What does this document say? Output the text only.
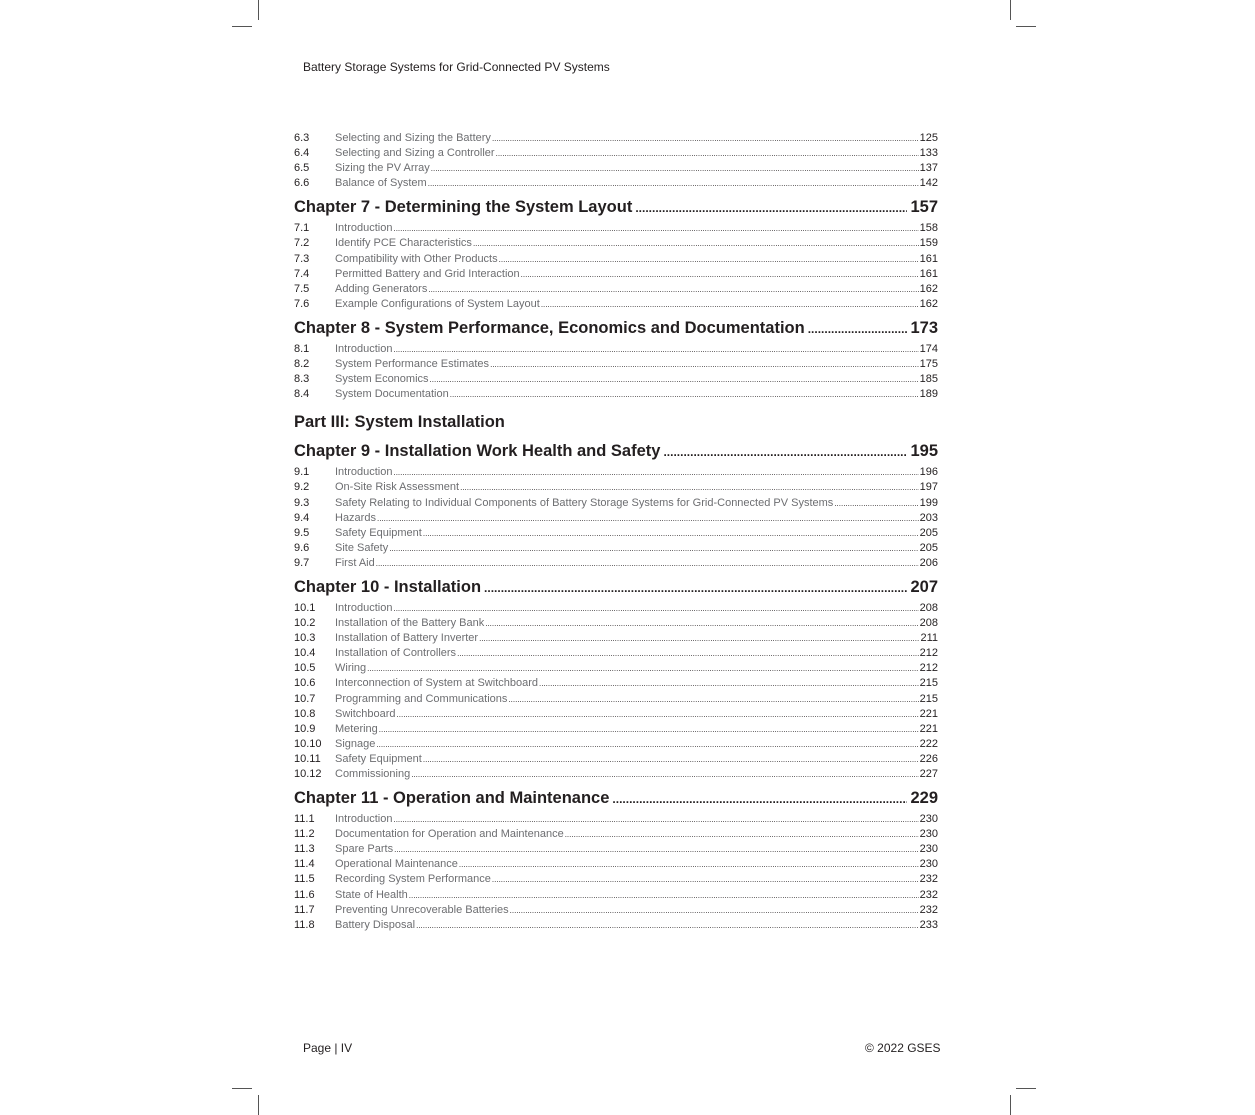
Battery Storage Systems for Grid-Connected PV Systems
6.3	Selecting and Sizing the Battery .....	125
6.4	Selecting and Sizing a Controller .....	133
6.5	Sizing the PV Array .....	137
6.6	Balance of System .....	142
Chapter 7 - Determining the System Layout .....	157
7.1	Introduction .....	158
7.2	Identify PCE Characteristics .....	159
7.3	Compatibility with Other Products .....	161
7.4	Permitted Battery and Grid Interaction .....	161
7.5	Adding Generators .....	162
7.6	Example Configurations of System Layout .....	162
Chapter 8 - System Performance, Economics and Documentation .....	173
8.1	Introduction .....	174
8.2	System Performance Estimates .....	175
8.3	System Economics .....	185
8.4	System Documentation .....	189
Part III: System Installation
Chapter 9 - Installation Work Health and Safety .....	195
9.1	Introduction .....	196
9.2	On-Site Risk Assessment .....	197
9.3	Safety Relating to Individual Components of Battery Storage Systems for Grid-Connected PV Systems .....	199
9.4	Hazards .....	203
9.5	Safety Equipment .....	205
9.6	Site Safety .....	205
9.7	First Aid .....	206
Chapter 10 - Installation .....	207
10.1	Introduction .....	208
10.2	Installation of the Battery Bank .....	208
10.3	Installation of Battery Inverter .....	211
10.4	Installation of Controllers .....	212
10.5	Wiring .....	212
10.6	Interconnection of System at Switchboard .....	215
10.7	Programming and Communications .....	215
10.8	Switchboard .....	221
10.9	Metering .....	221
10.10	Signage .....	222
10.11	Safety Equipment .....	226
10.12	Commissioning .....	227
Chapter 11 - Operation and Maintenance .....	229
11.1	Introduction .....	230
11.2	Documentation for Operation and Maintenance .....	230
11.3	Spare Parts .....	230
11.4	Operational Maintenance .....	230
11.5	Recording System Performance .....	232
11.6	State of Health .....	232
11.7	Preventing Unrecoverable Batteries .....	232
11.8	Battery Disposal .....	233
Page | IV	© 2022 GSES
